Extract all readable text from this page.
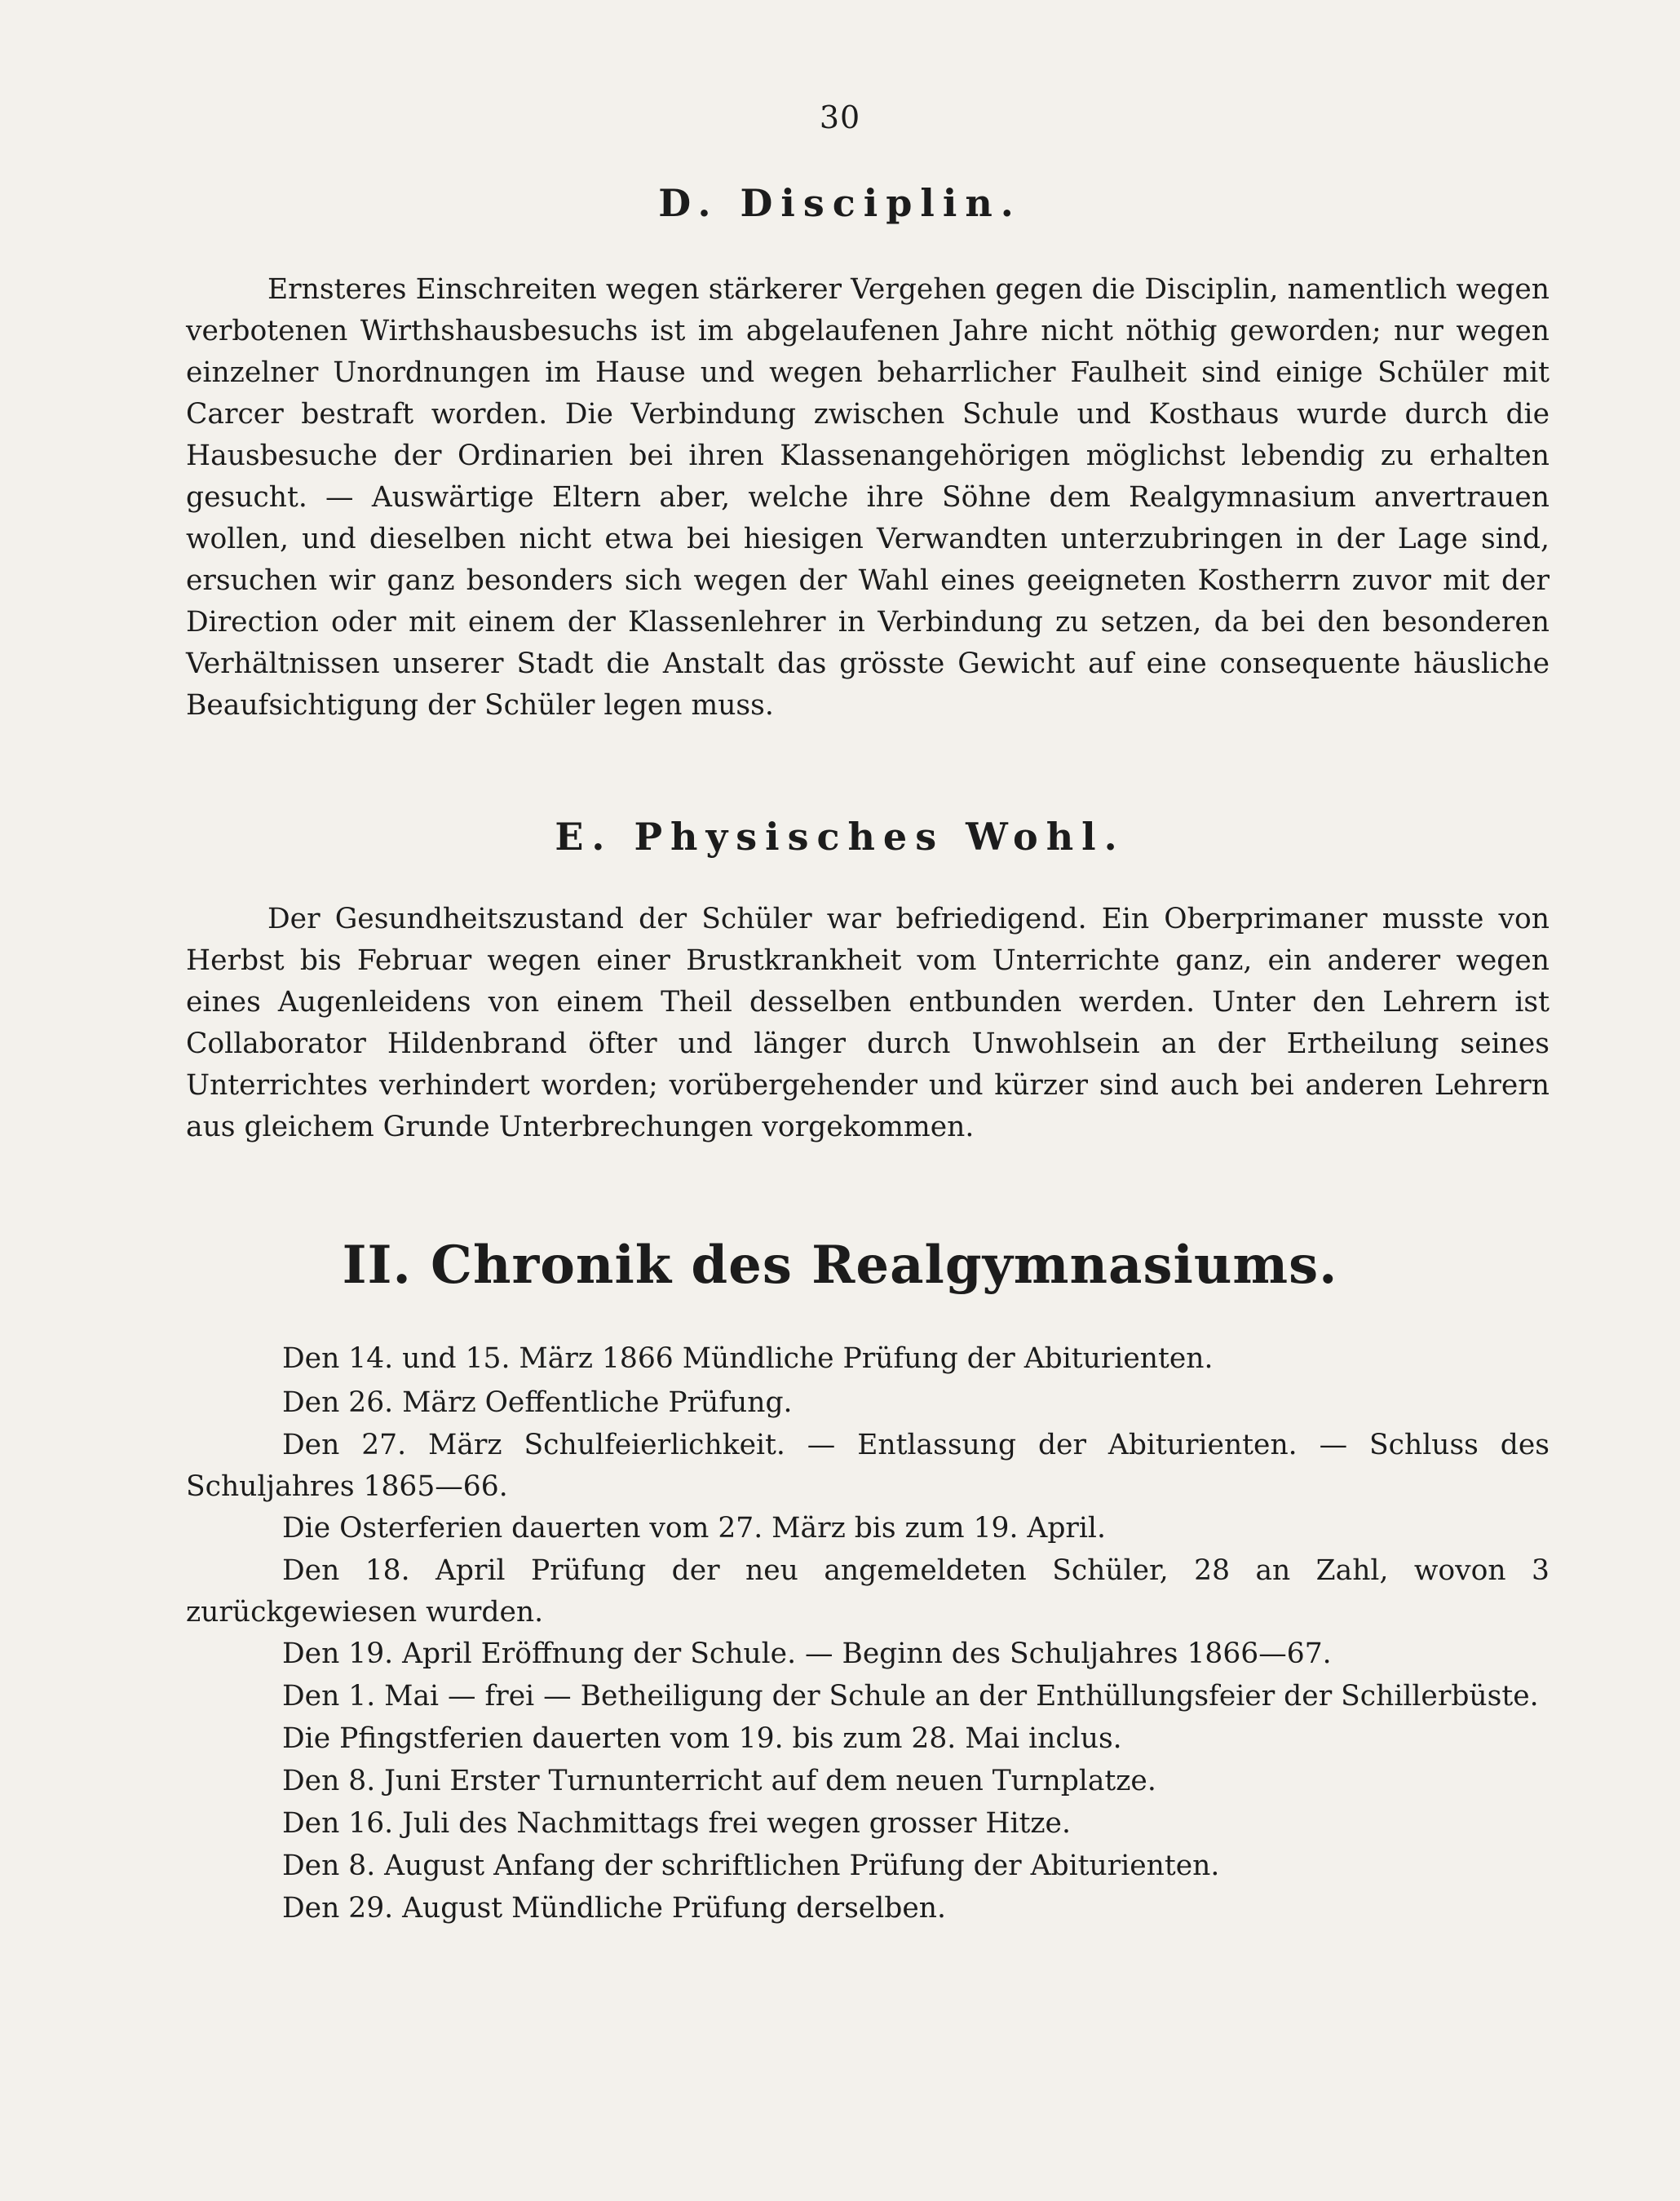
30
D. Disciplin.
Ernsteres Einschreiten wegen stärkerer Vergehen gegen die Disciplin, namentlich wegen verbotenen Wirthshausbesuchs ist im abgelaufenen Jahre nicht nöthig geworden; nur wegen einzelner Unordnungen im Hause und wegen beharrlicher Faulheit sind einige Schüler mit Carcer bestraft worden. Die Verbindung zwischen Schule und Kosthaus wurde durch die Hausbesuche der Ordinarien bei ihren Klassenangehörigen möglichst lebendig zu erhalten gesucht. — Auswärtige Eltern aber, welche ihre Söhne dem Realgymnasium anvertrauen wollen, und dieselben nicht etwa bei hiesigen Verwandten unterzubringen in der Lage sind, ersuchen wir ganz besonders sich wegen der Wahl eines geeigneten Kostherrn zuvor mit der Direction oder mit einem der Klassenlehrer in Verbindung zu setzen, da bei den besonderen Verhältnissen unserer Stadt die Anstalt das grösste Gewicht auf eine consequente häusliche Beaufsichtigung der Schüler legen muss.
E. Physisches Wohl.
Der Gesundheitszustand der Schüler war befriedigend. Ein Oberprimaner musste von Herbst bis Februar wegen einer Brustkrankheit vom Unterrichte ganz, ein anderer wegen eines Augenleidens von einem Theil desselben entbunden werden. Unter den Lehrern ist Collaborator Hildenbrand öfter und länger durch Unwohlsein an der Ertheilung seines Unterrichtes verhindert worden; vorübergehender und kürzer sind auch bei anderen Lehrern aus gleichem Grunde Unterbrechungen vorgekommen.
II. Chronik des Realgymnasiums.
Den 14. und 15. März 1866 Mündliche Prüfung der Abiturienten.
Den 26. März Oeffentliche Prüfung.
Den 27. März Schulfeierlichkeit. — Entlassung der Abiturienten. — Schluss des Schuljahres 1865—66.
Die Osterferien dauerten vom 27. März bis zum 19. April.
Den 18. April Prüfung der neu angemeldeten Schüler, 28 an Zahl, wovon 3 zurückgewiesen wurden.
Den 19. April Eröffnung der Schule. — Beginn des Schuljahres 1866—67.
Den 1. Mai — frei — Betheiligung der Schule an der Enthüllungsfeier der Schillerbüste.
Die Pfingstferien dauerten vom 19. bis zum 28. Mai inclus.
Den 8. Juni Erster Turnunterricht auf dem neuen Turnplatze.
Den 16. Juli des Nachmittags frei wegen grosser Hitze.
Den 8. August Anfang der schriftlichen Prüfung der Abiturienten.
Den 29. August Mündliche Prüfung derselben.
